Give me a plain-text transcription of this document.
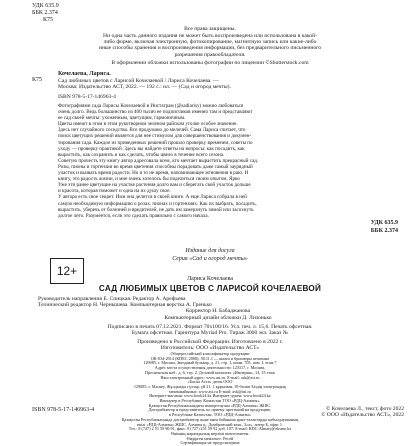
УДК 635.9
ББК 2.374
К75
Все права защищены.
Ни одна часть данного издания не может быть воспроизведена или использована в какой-
либо форме, включая электронную, фотокопирование, магнитную запись или какие-либо
иные способы хранения и воспроизведения информации, без предварительного письменного
разрешения правообладателя.
В оформлении обложки использованы фотографии по лицензии ©Shutterstock.com
Кочелаева, Лариса.
К75	Сад любимых цветов с Ларисой Кочелаевой / Лариса Кочелаева. —
Москва: Издательство АСТ, 2022. — 192 с.: ил. — (Сад и огород мечты).
ISBN 978-5-17-146963-4
Фотографиями сада Ларисы Кочелаевой в Инстаграм (@sadlarisy) можно любоваться
очень долго. Ведь большинство из 400 тысяч ее подписчиков именно там и представляют
ее сад своей мечты: ухоженным, цветущим, гармоничным.
Цветы имеют в этом в этом рукотворном зеленом райском уголке особое значение.
Здесь нет случайного соседства. Все продумано до мелочей. Сама Лариса считает, что
поиск цветущих решений является для нее стимулом для совершенствования и докумен-
тирования сада. Каждое из приведенных решений прошло проверку временем, советы по
уходу — проверку практикой. Здесь вы найдете ответы на вопросы: как посадить, как
вырастить, как сохранить и как сделать, чтобы цвело в течение всего сезона.
Советую прочесть эту книгу автор адресовала всем, кто мечтает вырастить прекрасный сад.
Розы, пионы и гортензии во время цветения способны порадовать даже самый заурядный
участок и вызвать время радости. Но я то не время, напоминающее мгновения в раю. И
книгу, это радость жизни, и мне очень хотелось бы поделиться своим опытом. Ярко
Уже эти ранее цветущие на участке растения долго вам и сберегать свой участок дольше
и красота, которая поможет и одна на их душу свое.
У автора есть свое секрет. Ими она делится в своей книге. А еще Лариса собрала в ней
самую необходимую информацию о розах, пионах и гортензиях. Как их выбрать, посадить,
вырастить, уберечь от болезней и вредителей, не дать им замерзнуть зимой или засохнуть
долгое лето. Разумеется, если это сделать правильно с самого начала.
УДК 635.9
ББК 2.374
Издание для досуга
Серия «Сад и огород мечты»
12+
Лариса Кочелаева
САД ЛЮБИМЫХ ЦВЕТОВ С ЛАРИСОЙ КОЧЕЛАЕВОЙ
Руководитель направления Е. Спицкая. Редактор А. Арефьева
Технический редактор Н. Чернышева. Компьютерная верстка А. Гренько
Корректор Н. Бабаджанова
Компьютерный дизайн обложки Д. Лизонько
Подписано в печать 07.12.2021. Формат 70х100/16. Усл. печ. л. 15,6. Печать офсетная.
Бумага офсетная. Гарнитура Myriad Pro. Тираж 3000 экз. Заказ №
Произведено в Российской Федерации. Изготовлено в 2022 г.
Изготовитель: ООО «Издательство АСТ»
Общероссийский классификатор продукции
ОК-034-2014 (КПЕС 2008); 58.11.1 — книги и брошюры печатные
129085, г. Москва, Звездный бульвар, д. 21, стр. 1, комн. 705, пом. I, этаж 7
Адрес места осуществления деятельности: 123317, г. Москва,
Пресненская наб., д. 6, стр. 2, Деловой комплекс «Империя», 14, 15 этаж
Наш электронный адрес: www.ast.ru. E-mail: ask@ast.ru
«Баспа Аста» деген ООО
129085, г. Мәскеу, Жұлдызды гүлзар, үй 21, 1 құрылым, 39 бөлме Біздің электрондық
мекенжайымыз: www.ast.ru E-mail: ask@ast.ru
Интернет-магазин: www.book24.kz Интернет-дүкен: www.book24.kz
Импортер в Республику Казахстан ТОО «РДЦ-Алматы».
Қазақстан Республикасындағы импорттаушы «РДЦ-Алматы» ЖШС.
Дистрибьютор и представитель по приему претензий на продукцию,
в Республике Казахстан: ТОО «РДЦ-Алматы»
Қазақстан Республикасында дистрибьютор және өнім бойынша арыз-талаптарды қабылдаушының
өкілі «РДЦ-Алматы» ЖШС, Алматы қ., Домбровский көш., 3«а», литер Б, офис 1.
Тел.: 8 (727) 2 51 59 90,91, факс: 8 (727) 251 59 92 доб. 107; E-mail: RDC-Almaty@eksmo.kz
Өнімнің жарамдылық мерзімі шектелмеген.
Өндірген мемлекет: Ресей
Сертификация не предусмотрена
ISBN 978-5-17-146963-4	© Кочелаева Л., текст, фото 2022
© ООО «Издательство АСТ», 2022
